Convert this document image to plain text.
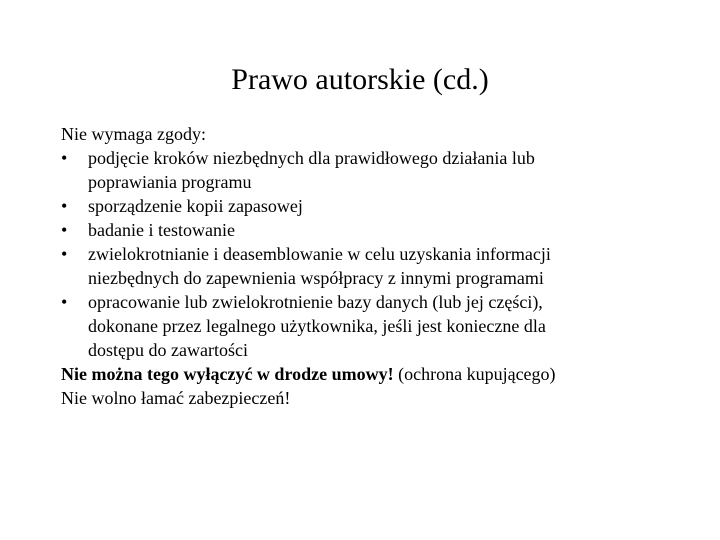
Prawo autorskie (cd.)

Nie wymaga zgody:

• podjęcie kroków niezbędnych dla prawidłowego działania lub
poprawiania programu
• sporządzenie kopii zapasowej
• badanie i testowanie
• zwielokrotnianie i deasemblowanie w celu uzyskania informacji
niezbędnych do zapewnienia współpracy z innymi programami
• opracowanie lub zwielokrotnienie bazy danych (lub jej części),
dokonane przez legalnego użytkownika, jeśli jest konieczne dla
dostępu do zawartości

Nie można tego wyłączyć w drodze umowy! (ochrona kupującego)

Nie wolno łamać zabezpieczeń!
